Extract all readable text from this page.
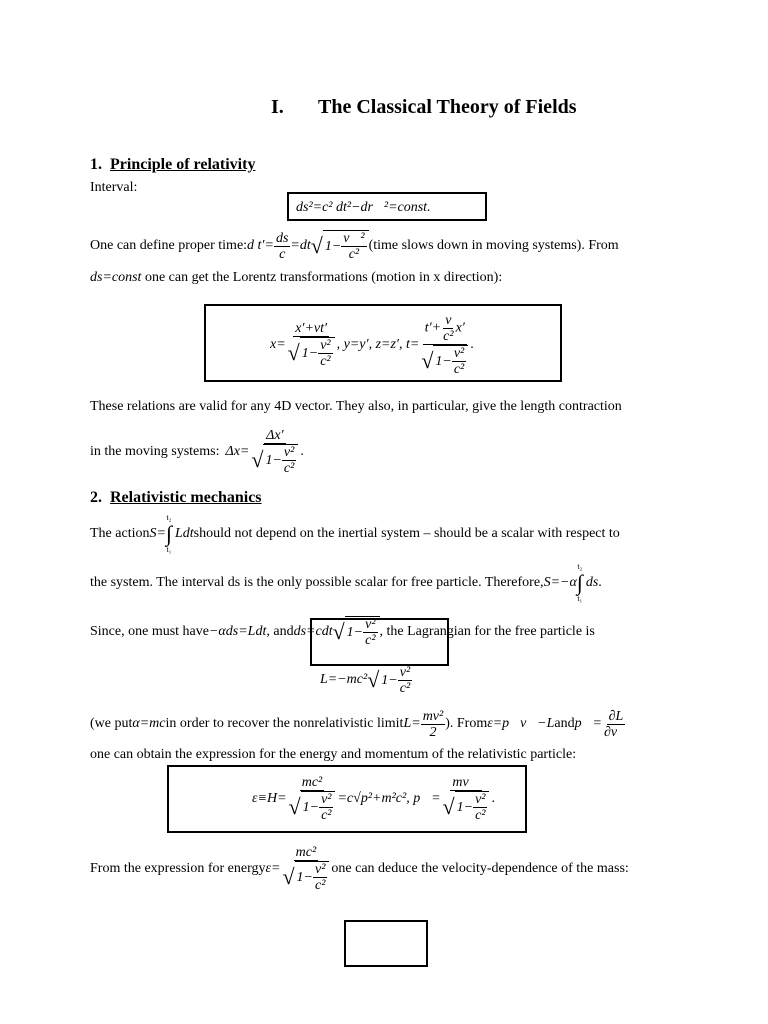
I. The Classical Theory of Fields
1. Principle of relativity
Interval:
ds²=c² dt²−dr⃗²=const.
One can define proper time: d $t'= \frac{ds}{c} =dt$ √ $1- \frac{\text{v⃗²}}{\text{c²}}$ (time slows down in moving systems). From
ds=const one can get the Lorentz transformations (motion in x direction):
$x= \frac{x'+vt'}{√ 1- \frac{\text{v²}}{\text{c²}}}$ , y=y′, z=z′, $t= \frac{t'+ \frac{v}{\text{c²}} x'}{√ 1- \frac{\text{v²}}{\text{c²}}}$ .
These relations are valid for any 4D vector. They also, in particular, give the length contraction
in the moving systems: $\Delta x= \frac{\Delta x'}{√ 1- \frac{\text{v²}}{\text{c²}}}$ .
2. Relativistic mechanics
The action S=
t₂
∫
t₁
Ldt should not depend on the inertial system – should be a scalar with respect to
the system. The interval ds is the only possible scalar for free particle. Therefore, S=−α
t₂
∫
t₁
ds .
Since, one must have −αds=Ldt , and ds=cdt √ $1- \frac{\text{v²}}{\text{c²}}$ , the Lagrangian for the free particle is
L=−mc² √ $1- \frac{\text{v²}}{\text{c²}}$
(we put α=mc in order to recover the nonrelativistic limit $L= \frac{\text{mv²}}{2}$ ). From ε=p⃗v⃗−L and p⃗= $\frac{\partial L}{\partial v⃗}$
one can obtain the expression for the energy and momentum of the relativistic particle:
$\varepsilon\equiv H= \frac{\text{mc²}}{√ 1- \frac{\text{v²}}{\text{c²}}} =c√p^2+m^2c^2$, p⃗= $\frac{mv⃗}{√ 1- \frac{\text{v²}}{\text{c²}}}$ .
From the expression for energy $\varepsilon= \frac{\text{mc²}}{√ 1- \frac{\text{v²}}{\text{c²}}}$ one can deduce the velocity-dependence of the mass:
